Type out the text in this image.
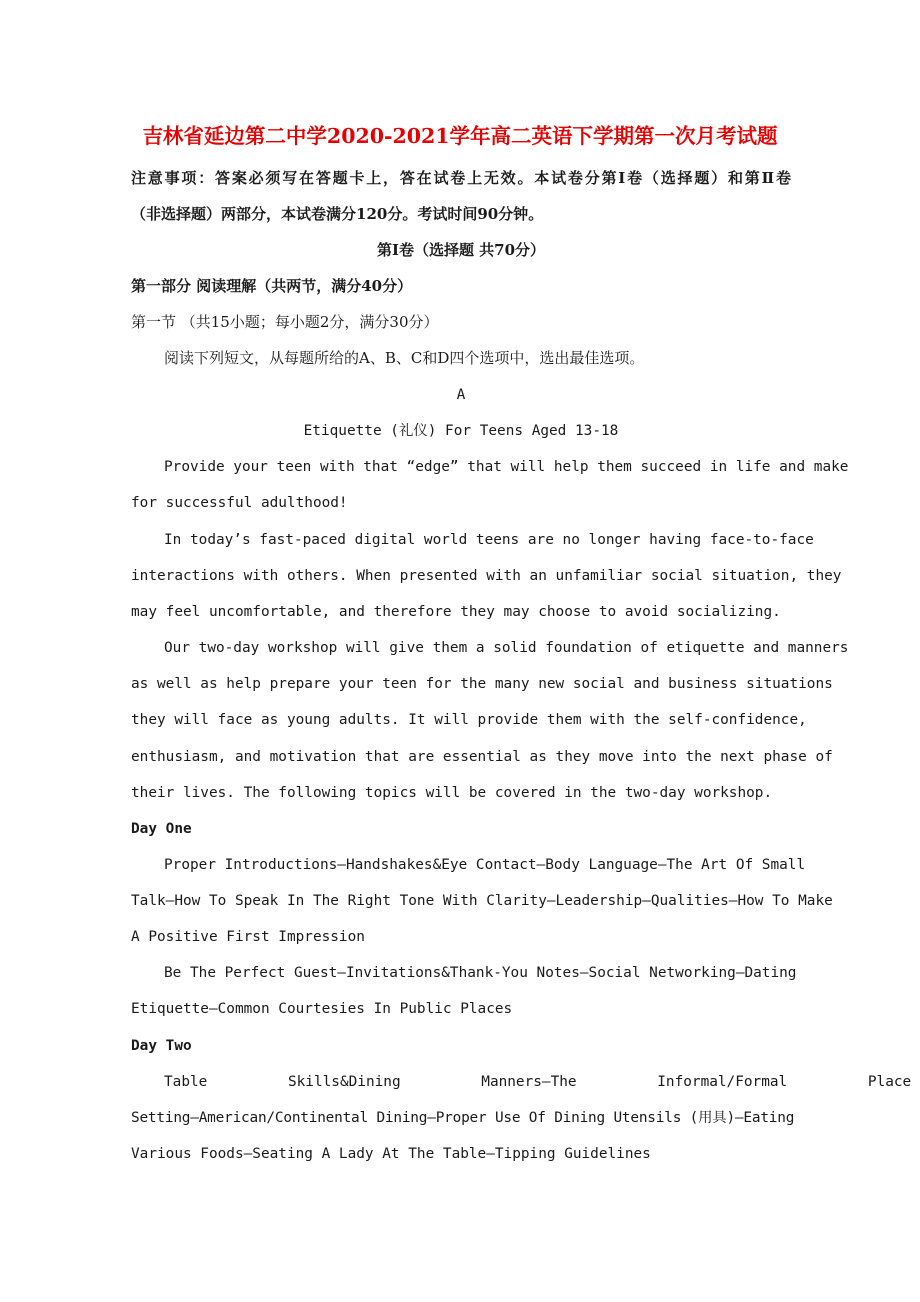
吉林省延边第二中学2020-2021学年高二英语下学期第一次月考试题
注意事项：答案必须写在答题卡上，答在试卷上无效。本试卷分第Ⅰ卷（选择题）和第Ⅱ卷
（非选择题）两部分，本试卷满分120分。考试时间90分钟。
第Ⅰ卷（选择题 共70分）
第一部分 阅读理解（共两节，满分40分）
第一节 （共15小题；每小题2分，满分30分）
阅读下列短文，从每题所给的A、B、C和D四个选项中，选出最佳选项。
A
Etiquette (礼仪) For Teens Aged 13-18
Provide your teen with that “edge” that will help them succeed in life and make
for successful adulthood!
In today’s fast-paced digital world teens are no longer having face-to-face
interactions with others. When presented with an unfamiliar social situation, they
may feel uncomfortable, and therefore they may choose to avoid socializing.
Our two-day workshop will give them a solid foundation of etiquette and manners
as well as help prepare your teen for the many new social and business situations
they will face as young adults. It will provide them with the self-confidence,
enthusiasm, and motivation that are essential as they move into the next phase of
their lives. The following topics will be covered in the two-day workshop.
Day One
Proper Introductions—Handshakes&Eye Contact—Body Language—The Art Of Small
Talk—How To Speak In The Right Tone With Clarity—Leadership—Qualities—How To Make
A Positive First Impression
Be The Perfect Guest—Invitations&Thank-You Notes—Social Networking—Dating
Etiquette—Common Courtesies In Public Places
Day Two
Table Skills&Dining Manners—The Informal/Formal Place
Setting—American/Continental Dining—Proper Use Of Dining Utensils (用具)—Eating
Various Foods—Seating A Lady At The Table—Tipping Guidelines
